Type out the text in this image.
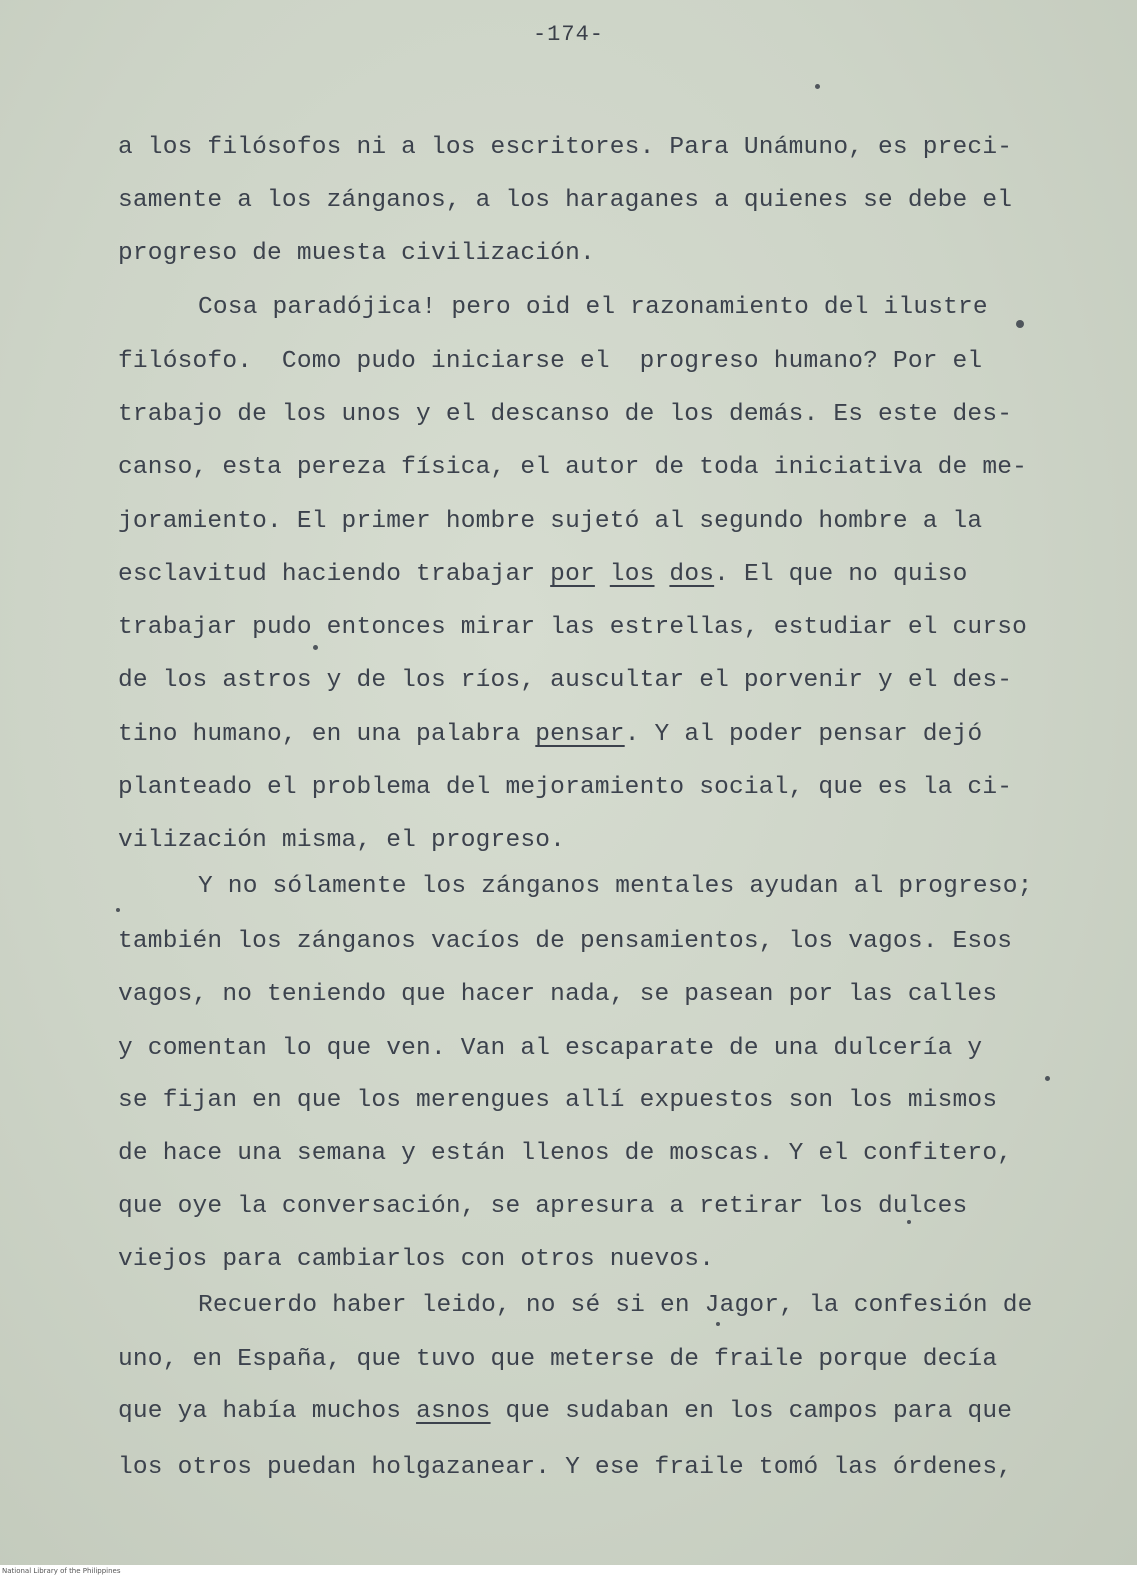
-174-
a los filósofos ni a los escritores. Para Unámuno, es preci-
samente a los zánganos, a los haraganes a quienes se debe el
progreso de muesta civilización.
Cosa paradójica! pero oid el razonamiento del ilustre
filósofo.  Como pudo iniciarse el  progreso humano? Por el
trabajo de los unos y el descanso de los demás. Es este des-
canso, esta pereza física, el autor de toda iniciativa de me-
joramiento. El primer hombre sujetó al segundo hombre a la
esclavitud haciendo trabajar por los dos. El que no quiso
trabajar pudo entonces mirar las estrellas, estudiar el curso
de los astros y de los ríos, auscultar el porvenir y el des-
tino humano, en una palabra pensar. Y al poder pensar dejó
planteado el problema del mejoramiento social, que es la ci-
vilización misma, el progreso.
Y no sólamente los zánganos mentales ayudan al progreso;
también los zánganos vacíos de pensamientos, los vagos. Esos
vagos, no teniendo que hacer nada, se pasean por las calles
y comentan lo que ven. Van al escaparate de una dulcería y
se fijan en que los merengues allí expuestos son los mismos
de hace una semana y están llenos de moscas. Y el confitero,
que oye la conversación, se apresura a retirar los dulces
viejos para cambiarlos con otros nuevos.
Recuerdo haber leido, no sé si en Jagor, la confesión de
uno, en España, que tuvo que meterse de fraile porque decía
que ya había muchos asnos que sudaban en los campos para que
los otros puedan holgazanear. Y ese fraile tomó las órdenes,
National Library of the Philippines
